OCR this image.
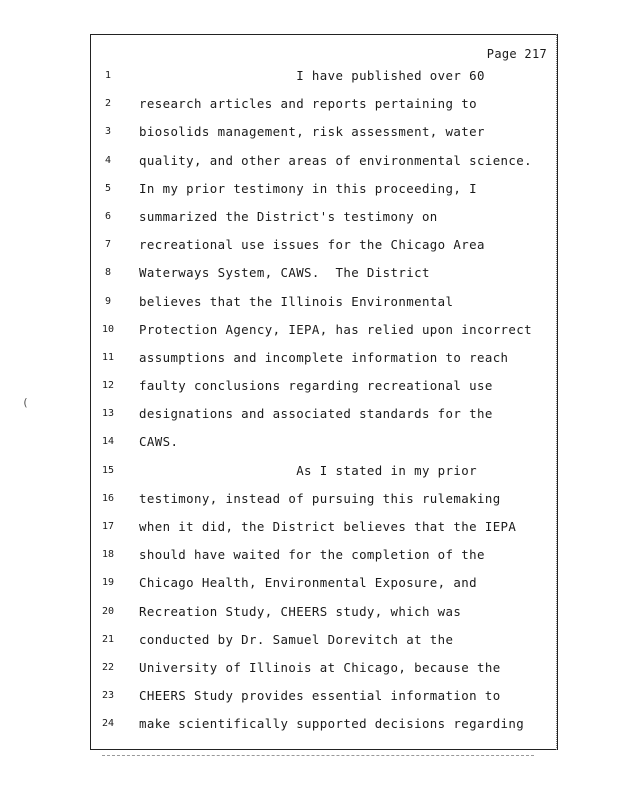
Page 217
1	I have published over 60
2	research articles and reports pertaining to
3	biosolids management, risk assessment, water
4	quality, and other areas of environmental science.
5	In my prior testimony in this proceeding, I
6	summarized the District's testimony on
7	recreational use issues for the Chicago Area
8	Waterways System, CAWS.  The District
9	believes that the Illinois Environmental
10 Protection Agency, IEPA, has relied upon incorrect
11 assumptions and incomplete information to reach
12 faulty conclusions regarding recreational use
13 designations and associated standards for the
14 CAWS.
15 As I stated in my prior
16 testimony, instead of pursuing this rulemaking
17 when it did, the District believes that the IEPA
18 should have waited for the completion of the
19 Chicago Health, Environmental Exposure, and
20 Recreation Study, CHEERS study, which was
21 conducted by Dr. Samuel Dorevitch at the
22 University of Illinois at Chicago, because the
23 CHEERS Study provides essential information to
24 make scientifically supported decisions regarding
(
